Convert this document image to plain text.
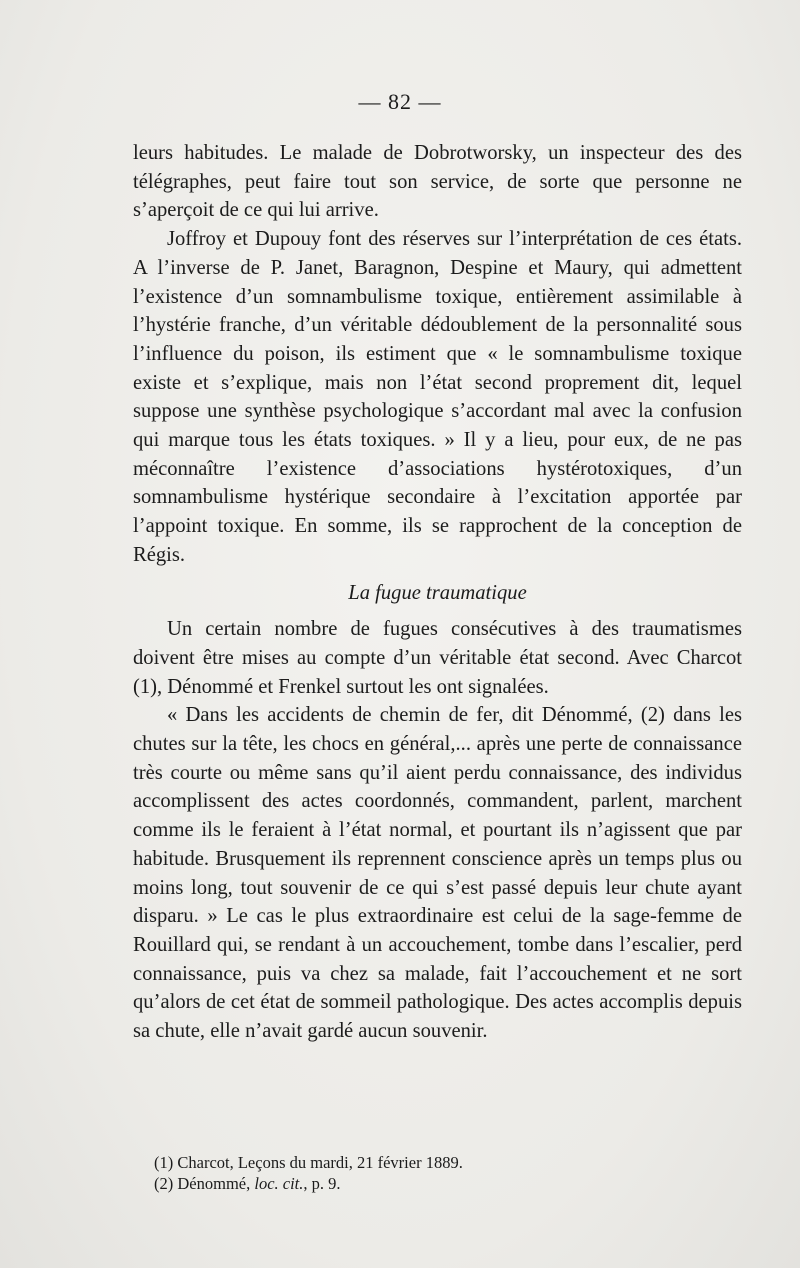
— 82 —

leurs habitudes. Le malade de Dobrotworsky, un inspecteur des des télégraphes, peut faire tout son service, de sorte que personne ne s’aperçoit de ce qui lui arrive.

Joffroy et Dupouy font des réserves sur l’interprétation de ces états. A l’inverse de P. Janet, Baragnon, Despine et Maury, qui admettent l’existence d’un somnambulisme toxique, entièrement assimilable à l’hystérie franche, d’un véritable dédoublement de la personnalité sous l’influence du poison, ils estiment que « le somnambulisme toxique existe et s’explique, mais non l’état second proprement dit, lequel suppose une synthèse psychologique s’accordant mal avec la confusion qui marque tous les états toxiques. » Il y a lieu, pour eux, de ne pas méconnaître l’existence d’associations hystérotoxiques, d’un somnambulisme hystérique secondaire à l’excitation apportée par l’appoint toxique. En somme, ils se rapprochent de la conception de Régis.

La fugue traumatique

Un certain nombre de fugues consécutives à des traumatismes doivent être mises au compte d’un véritable état second. Avec Charcot (1), Dénommé et Frenkel surtout les ont signalées.

« Dans les accidents de chemin de fer, dit Dénommé, (2) dans les chutes sur la tête, les chocs en général,... après une perte de connaissance très courte ou même sans qu’il aient perdu connaissance, des individus accomplissent des actes coordonnés, commandent, parlent, marchent comme ils le feraient à l’état normal, et pourtant ils n’agissent que par habitude. Brusquement ils reprennent conscience après un temps plus ou moins long, tout souvenir de ce qui s’est passé depuis leur chute ayant disparu. » Le cas le plus extraordinaire est celui de la sage-femme de Rouillard qui, se rendant à un accouchement, tombe dans l’escalier, perd connaissance, puis va chez sa malade, fait l’accouchement et ne sort qu’alors de cet état de sommeil pathologique. Des actes accomplis depuis sa chute, elle n’avait gardé aucun souvenir.

(1) Charcot, Leçons du mardi, 21 février 1889.
(2) Dénommé, loc. cit., p. 9.
